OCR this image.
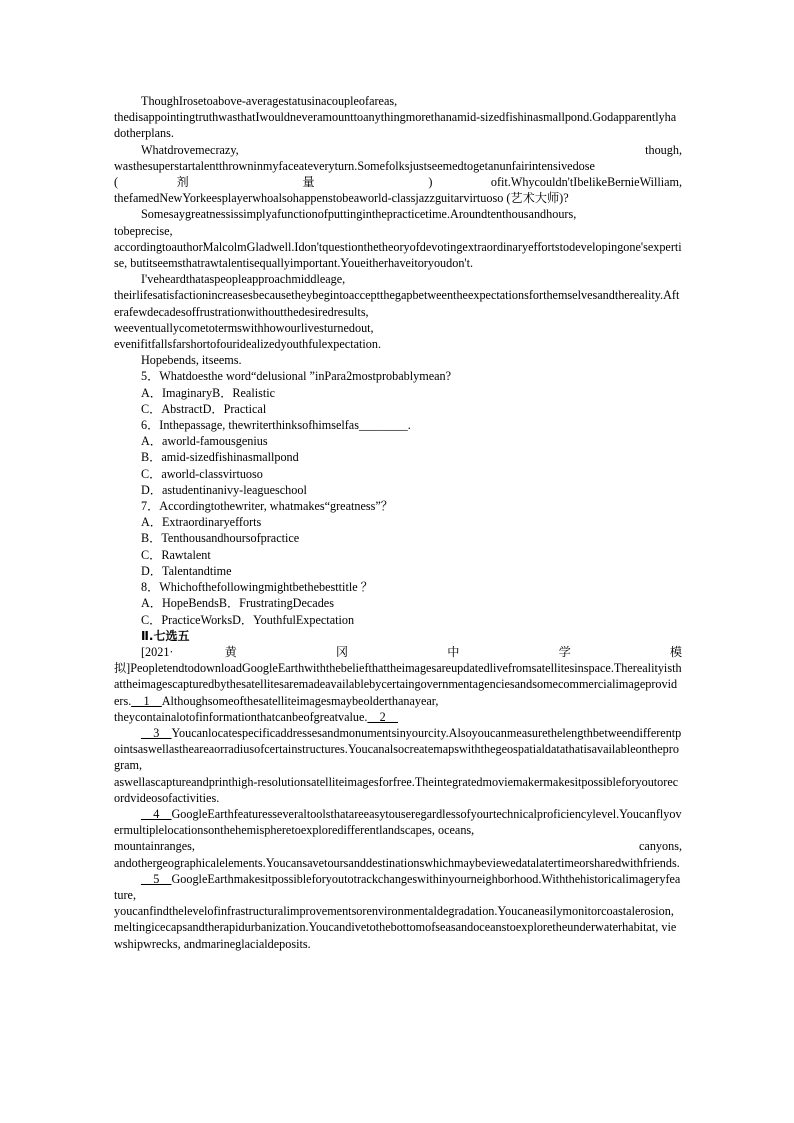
ThoughIrosetoabove-averagestatusinacoupleofareas,

thedisappointingtruthwasthatIwouldneveramounttoanythingmorethanamid-sizedfishinasmallpond.Godapparentlyhadotherplans.

Whatdrovemecrazy,	though,

wasthesuperstartalentthrowninmyfaceateveryturn.Somefolksjustseemedtogetanunfairintensivedose

(	剂	量	)	ofit.Whycouldn'tIbelikeBernieWilliam,

thefamedNewYorkeesplayerwhoalsohappenstobeaworld-classjazzguitarvirtuoso (艺术大师)?

Somesaygreatnessissimplyafunctionofputtinginthepracticetime.Aroundtenthousandhours,

tobeprecise,

accordingtoauthorMalcolmGladwell.Idon'tquestionthetheoryofdevotingextraordinaryeffortstodevelopingone'sexpertise, butitseemsthatrawtalentisequallyimportant.Youeitherhaveitoryoudon't.

I'veheardthataspeopleapproachmiddleage,

theirlifesatisfactionincreasesbecausetheybegintoacceptthegapbetweentheexpectationsforthemselvesandthereality.Afterafewdecadesoffrustrationwithoutthedesiredresults,

weeventuallycometotermswithhowourlivesturnedout,

evenifitfallsfarshortofouridealizedyouthfulexpectation.

Hopebends, itseems.

5．Whatdoesthe word“delusional ”inPara2mostprobablymean?

A．ImaginaryB．Realistic

C．AbstractD．Practical

6．Inthepassage, thewriterthinksofhimselfas________.

A．aworld-famousgenius

B．amid-sizedfishinasmallpond

C．aworld-classvirtuoso

D．astudentinanivy-leagueschool

7．Accordingtothewriter, whatmakes“greatness”？

A．Extraordinaryefforts

B．Tenthousandhoursofpractice

C．Rawtalent

D．Talentandtime

8．Whichofthefollowingmightbethebesttitle ？

A．HopeBendsB．FrustratingDecades

C．PracticeWorksD．YouthfulExpectation

Ⅱ.七选五

[2021·	黄	冈	中	学	模

拟]PeopletendtodownloadGoogleEarthwiththebeliefthattheimagesareupdatedlivefromsatellitesinspace.Therealityisthattheimagescapturedbythesatellitesaremadeavailablebycertaingovernmentagenciesandsomecommercialimageproviders.__1__Althoughsomeofthesatelliteimagesmaybeolderthanayear,

theycontainalotofinformationthatcanbeofgreatvalue.__2__

__3__Youcanlocatespecificaddressesandmonumentsinyourcity.Alsoyoucanmeasurethelengthbetweendifferentpointsaswellastheareaorradiusofcertainstructures.Youcanalsocreatemapswiththegeospatialdatathatisavailableontheprogram,

aswellascaptureandprinthigh-resolutionsatelliteimagesforfree.Theintegratedmoviemakermakesitpossibleforyoutorecordvideosofactivities.

__4__GoogleEarthfeaturesseveraltoolsthatareeasytouseregardlessofyourtechnicalproficiencylevel.Youcanflyovermultiplelocationsonthehemispheretoexploredifferentlandscapes, oceans,

mountainranges,	canyons,

andothergeographicalelements.Youcansavetoursanddestinationswhichmaybeviewedatalatertimeorsharedwithfriends.

__5__GoogleEarthmakesitpossibleforyoutotrackchangeswithinyourneighborhood.Withthehistoricalimageryfeature,

youcanfindthelevelofinfrastructuralimprovementsorenvironmentaldegradation.Youcaneasilymonitorcoastalerosion,

meltingicecapsandtherapidurbanization.Youcandivetothebottomofseasandoceanstoexploretheunderwaterhabitat, viewshipwrecks, andmarineglacialdeposits.
